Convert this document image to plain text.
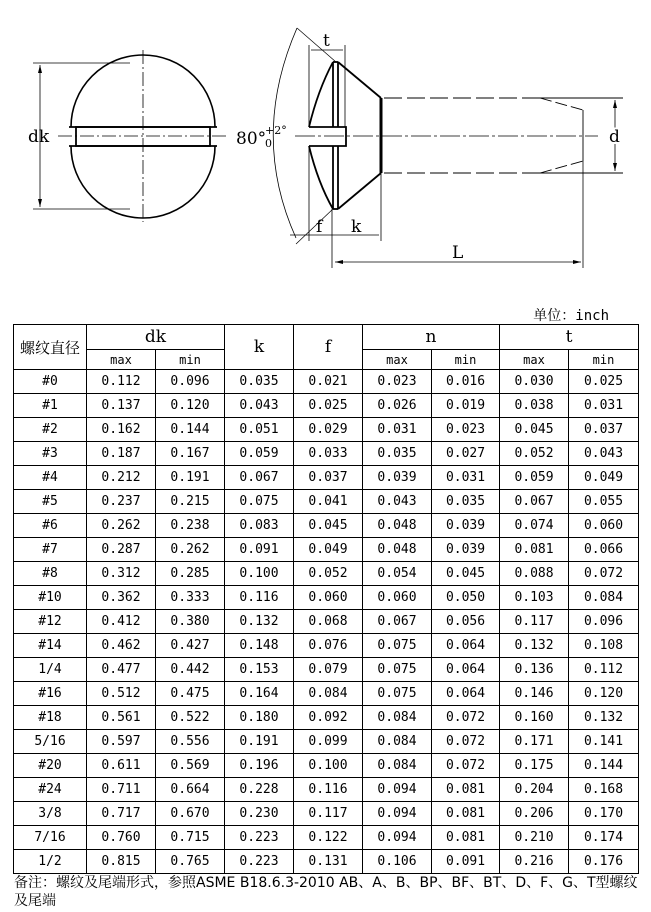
dk	80°
+2°
0
t
f k
d
L
单位：inch
螺纹直径	dk		k	f	n		t	
	max	min			max	min	max	min
#0	0.112	0.096	0.035	0.021	0.023	0.016	0.030	0.025
#1	0.137	0.120	0.043	0.025	0.026	0.019	0.038	0.031
#2	0.162	0.144	0.051	0.029	0.031	0.023	0.045	0.037
#3	0.187	0.167	0.059	0.033	0.035	0.027	0.052	0.043
#4	0.212	0.191	0.067	0.037	0.039	0.031	0.059	0.049
#5	0.237	0.215	0.075	0.041	0.043	0.035	0.067	0.055
#6	0.262	0.238	0.083	0.045	0.048	0.039	0.074	0.060
#7	0.287	0.262	0.091	0.049	0.048	0.039	0.081	0.066
#8	0.312	0.285	0.100	0.052	0.054	0.045	0.088	0.072
#10	0.362	0.333	0.116	0.060	0.060	0.050	0.103	0.084
#12	0.412	0.380	0.132	0.068	0.067	0.056	0.117	0.096
#14	0.462	0.427	0.148	0.076	0.075	0.064	0.132	0.108
1/4	0.477	0.442	0.153	0.079	0.075	0.064	0.136	0.112
#16	0.512	0.475	0.164	0.084	0.075	0.064	0.146	0.120
#18	0.561	0.522	0.180	0.092	0.084	0.072	0.160	0.132
5/16	0.597	0.556	0.191	0.099	0.084	0.072	0.171	0.141
#20	0.611	0.569	0.196	0.100	0.084	0.072	0.175	0.144
#24	0.711	0.664	0.228	0.116	0.094	0.081	0.204	0.168
3/8	0.717	0.670	0.230	0.117	0.094	0.081	0.206	0.170
7/16	0.760	0.715	0.223	0.122	0.094	0.081	0.210	0.174
1/2	0.815	0.765	0.223	0.131	0.106	0.091	0.216	0.176
备注：螺纹及尾端形式，参照ASME B18.6.3-2010 AB、A、B、BP、BF、BT、D、F、G、T型螺纹及尾端
